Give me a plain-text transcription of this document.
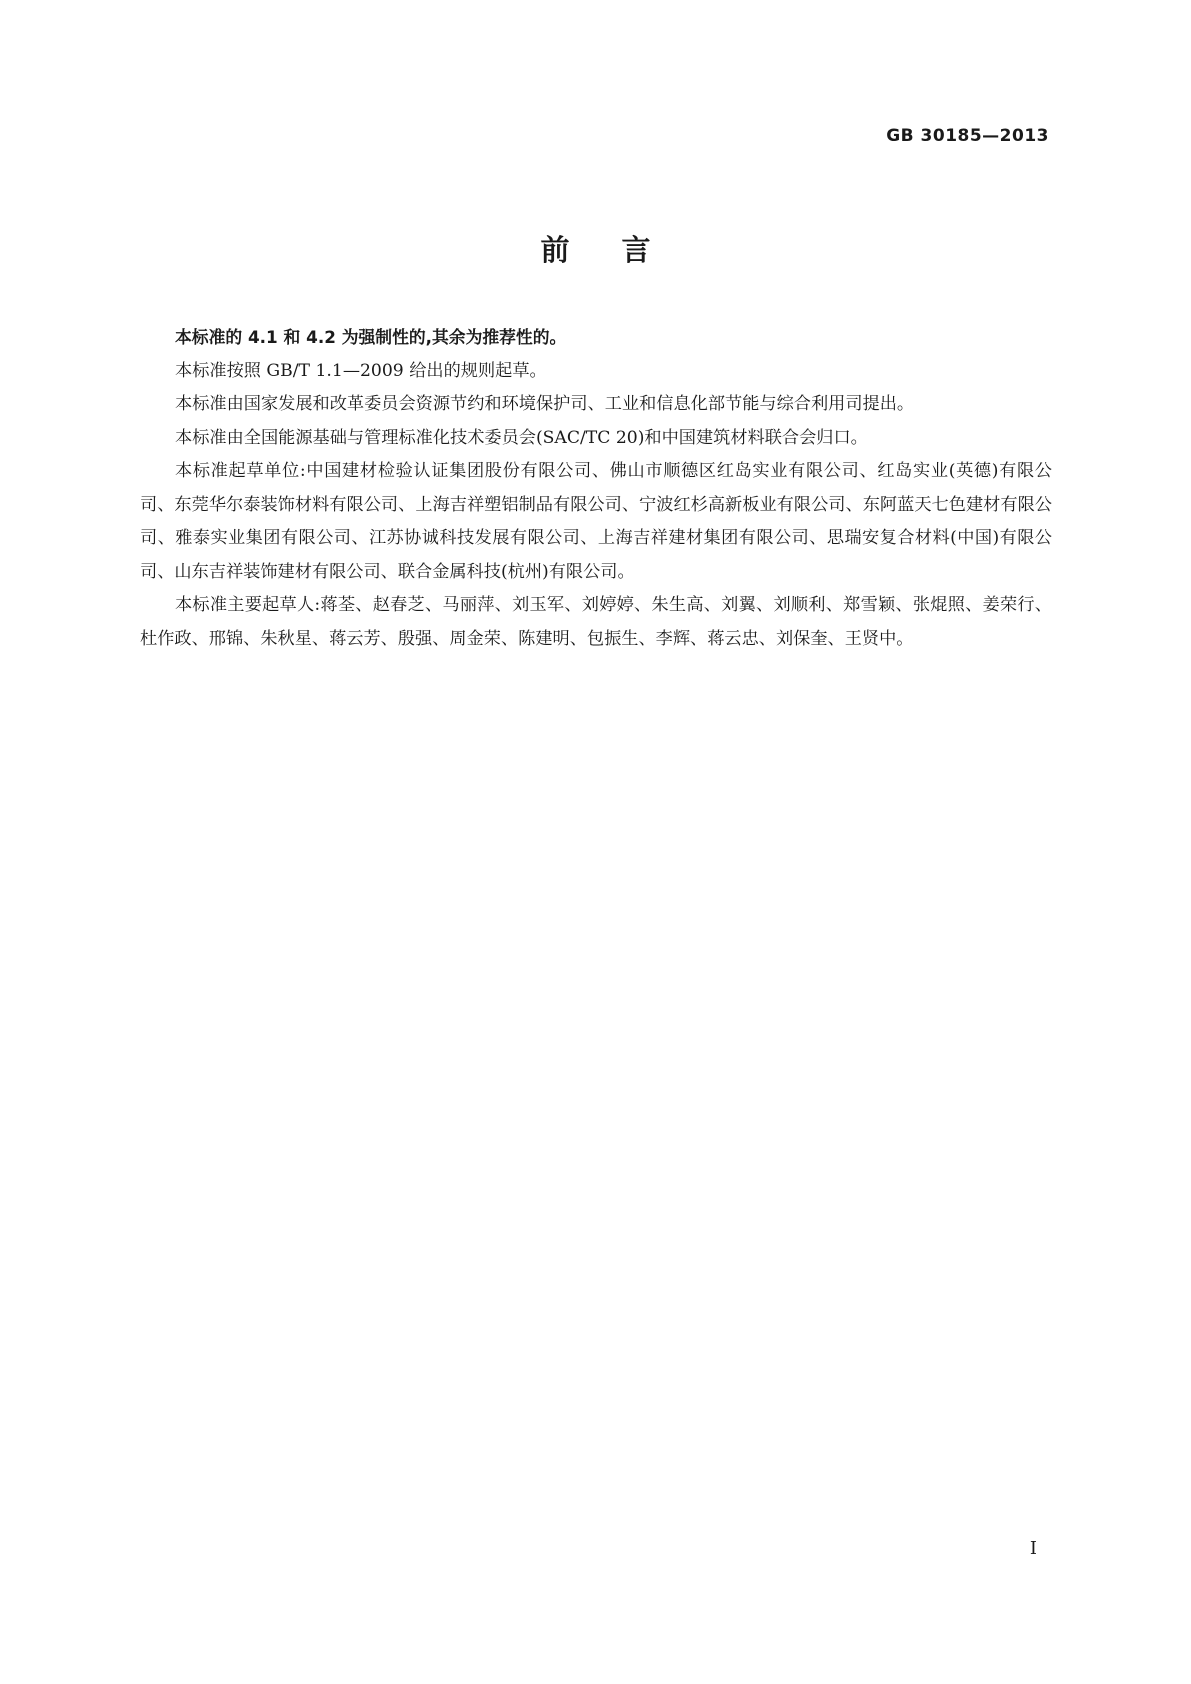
GB 30185—2013
前言

本标准的 4.1 和 4.2 为强制性的,其余为推荐性的。

本标准按照 GB/T 1.1—2009 给出的规则起草。

本标准由国家发展和改革委员会资源节约和环境保护司、工业和信息化部节能与综合利用司提出。

本标准由全国能源基础与管理标准化技术委员会(SAC/TC 20)和中国建筑材料联合会归口。

本标准起草单位:中国建材检验认证集团股份有限公司、佛山市顺德区红岛实业有限公司、红岛实业(英德)有限公司、东莞华尔泰装饰材料有限公司、上海吉祥塑铝制品有限公司、宁波红杉高新板业有限公司、东阿蓝天七色建材有限公司、雅泰实业集团有限公司、江苏协诚科技发展有限公司、上海吉祥建材集团有限公司、思瑞安复合材料(中国)有限公司、山东吉祥装饰建材有限公司、联合金属科技(杭州)有限公司。

本标准主要起草人:蒋荃、赵春芝、马丽萍、刘玉军、刘婷婷、朱生高、刘翼、刘顺利、郑雪颖、张焜照、姜荣行、杜作政、邢锦、朱秋星、蒋云芳、殷强、周金荣、陈建明、包振生、李辉、蒋云忠、刘保奎、王贤中。

I
